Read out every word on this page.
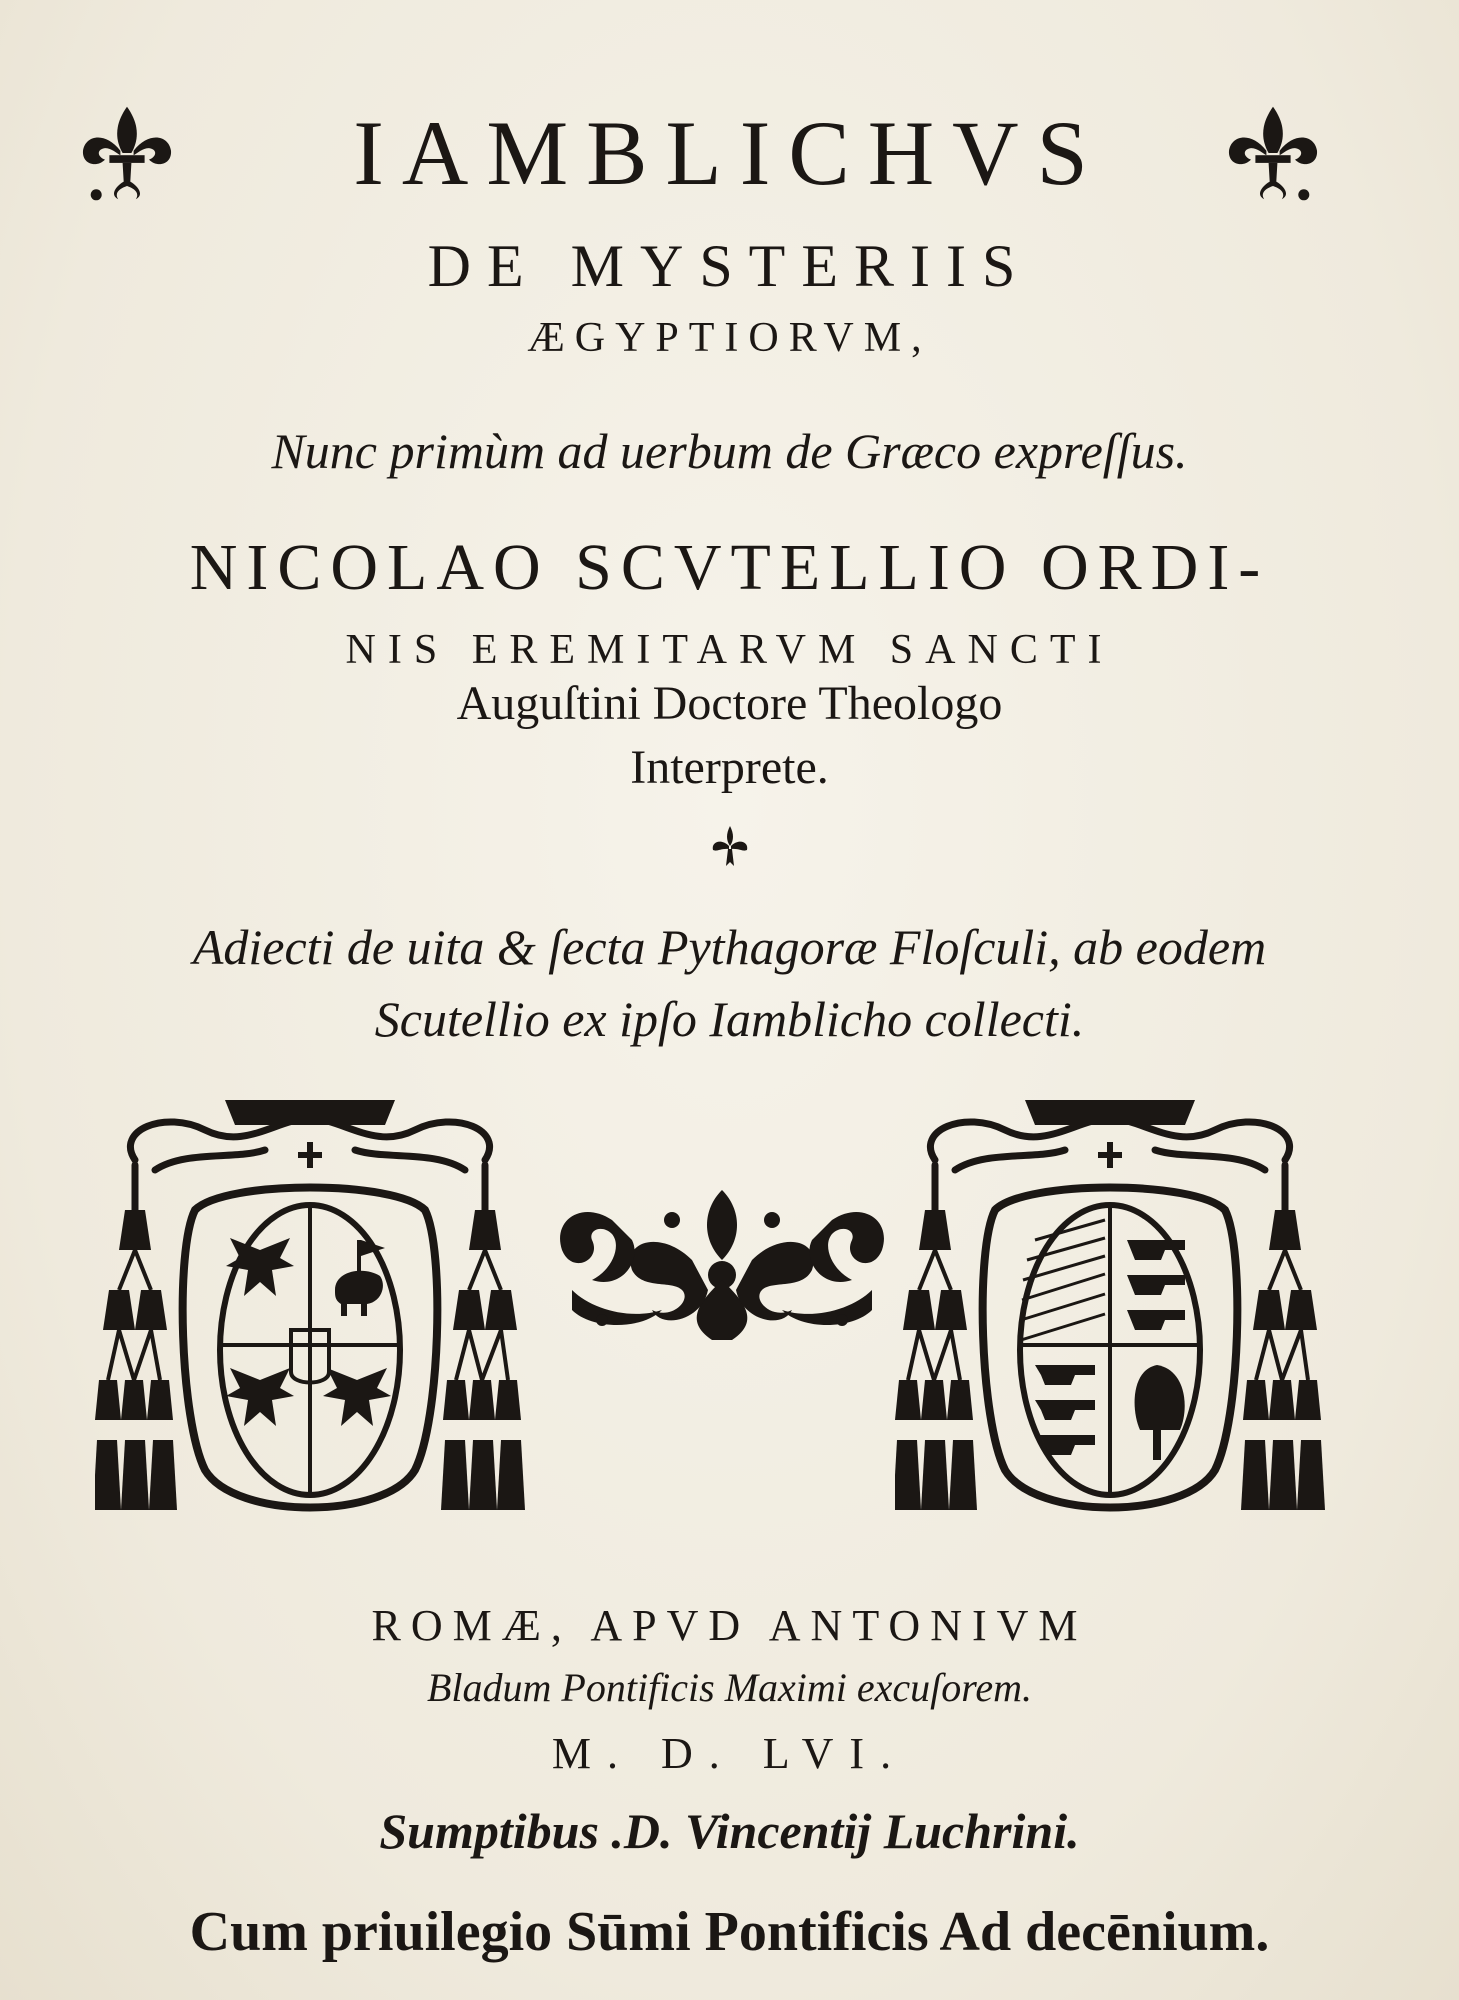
IAMBLICHVS

DE MYSTERIIS

ÆGYPTIORVM,

Nunc primùm ad uerbum de Græco expreſſus.

NICOLAO SCVTELLIO ORDI-

NIS EREMITARVM SANCTI

Auguſtini Doctore Theologo

Interprete.

Adiecti de uita & ſecta Pythagoræ Floſculi, ab eodem

Scutellio ex ipſo Iamblicho collecti.

ROMÆ, APVD ANTONIVM

Bladum Pontificis Maximi excuſorem.

M. D. LVI.

Sumptibus .D. Vincentij Luchrini.

Cum priuilegio Sūmi Pontificis Ad decēnium.
